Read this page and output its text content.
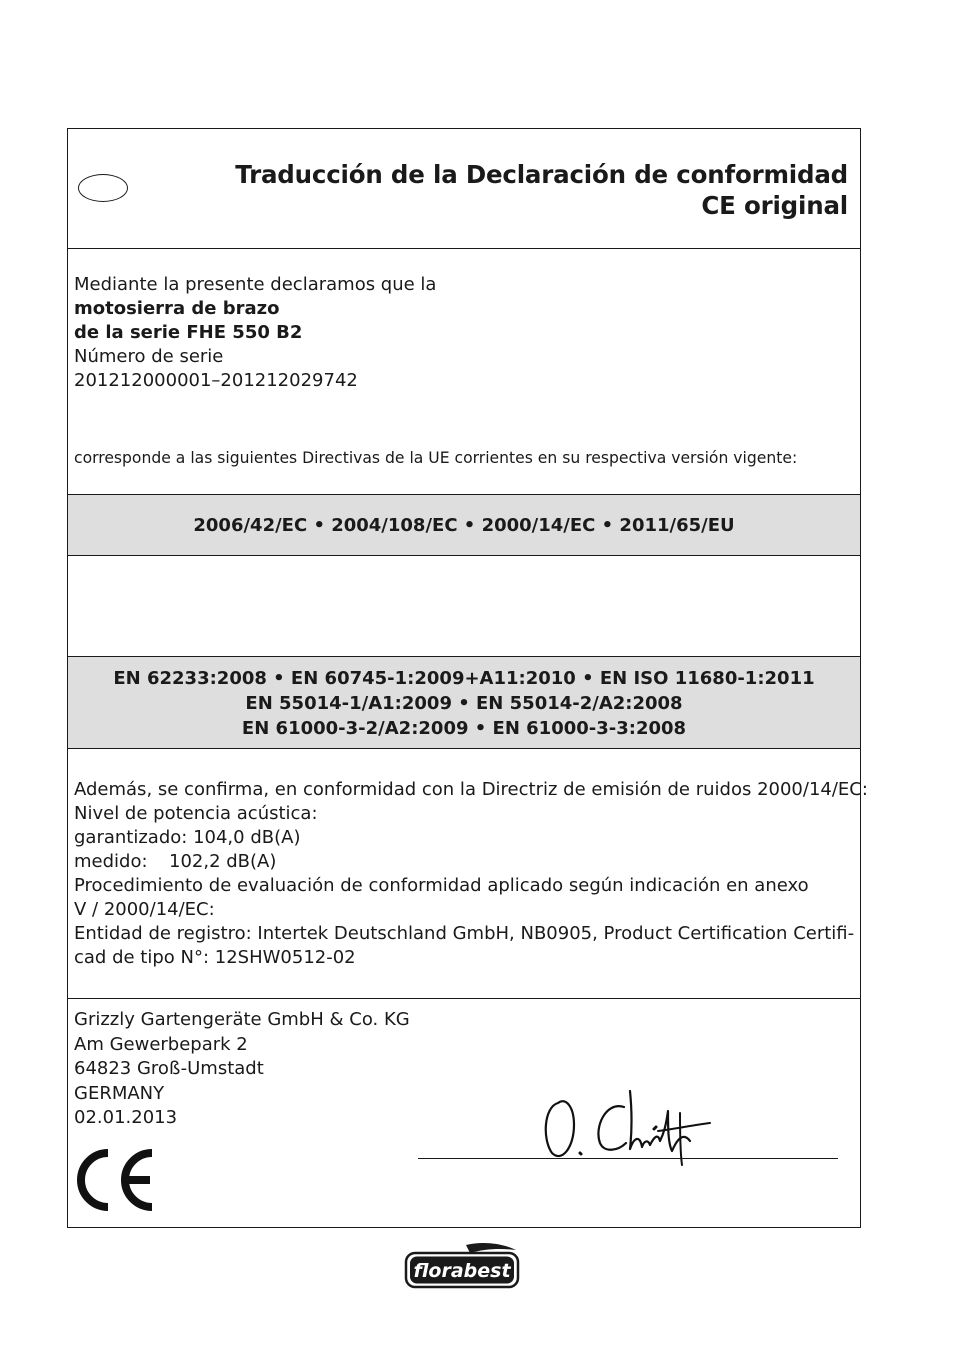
Traducción de la Declaración de conformidad
CE original
Mediante la presente declaramos que la
motosierra de brazo
de la serie FHE 550 B2
Número de serie
201212000001–201212029742
corresponde a las siguientes Directivas de la UE corrientes en su respectiva versión vigente:
2006/42/EC • 2004/108/EC • 2000/14/EC • 2011/65/EU
EN 62233:2008 • EN 60745-1:2009+A11:2010 • EN ISO 11680-1:2011
EN 55014-1/A1:2009 • EN 55014-2/A2:2008
EN 61000-3-2/A2:2009 • EN 61000-3-3:2008
Además, se confirma, en conformidad con la Directriz de emisión de ruidos 2000/14/EC:
Nivel de potencia acústica:
garantizado: 104,0 dB(A)
medido: 102,2 dB(A)
Procedimiento de evaluación de conformidad aplicado según indicación en anexo
V / 2000/14/EC:
Entidad de registro: Intertek Deutschland GmbH, NB0905, Product Certification Certifi-
cad de tipo N°: 12SHW0512-02
Grizzly Gartengeräte GmbH & Co. KG
Am Gewerbepark 2
64823 Groß-Umstadt
GERMANY
02.01.2013
florabest
